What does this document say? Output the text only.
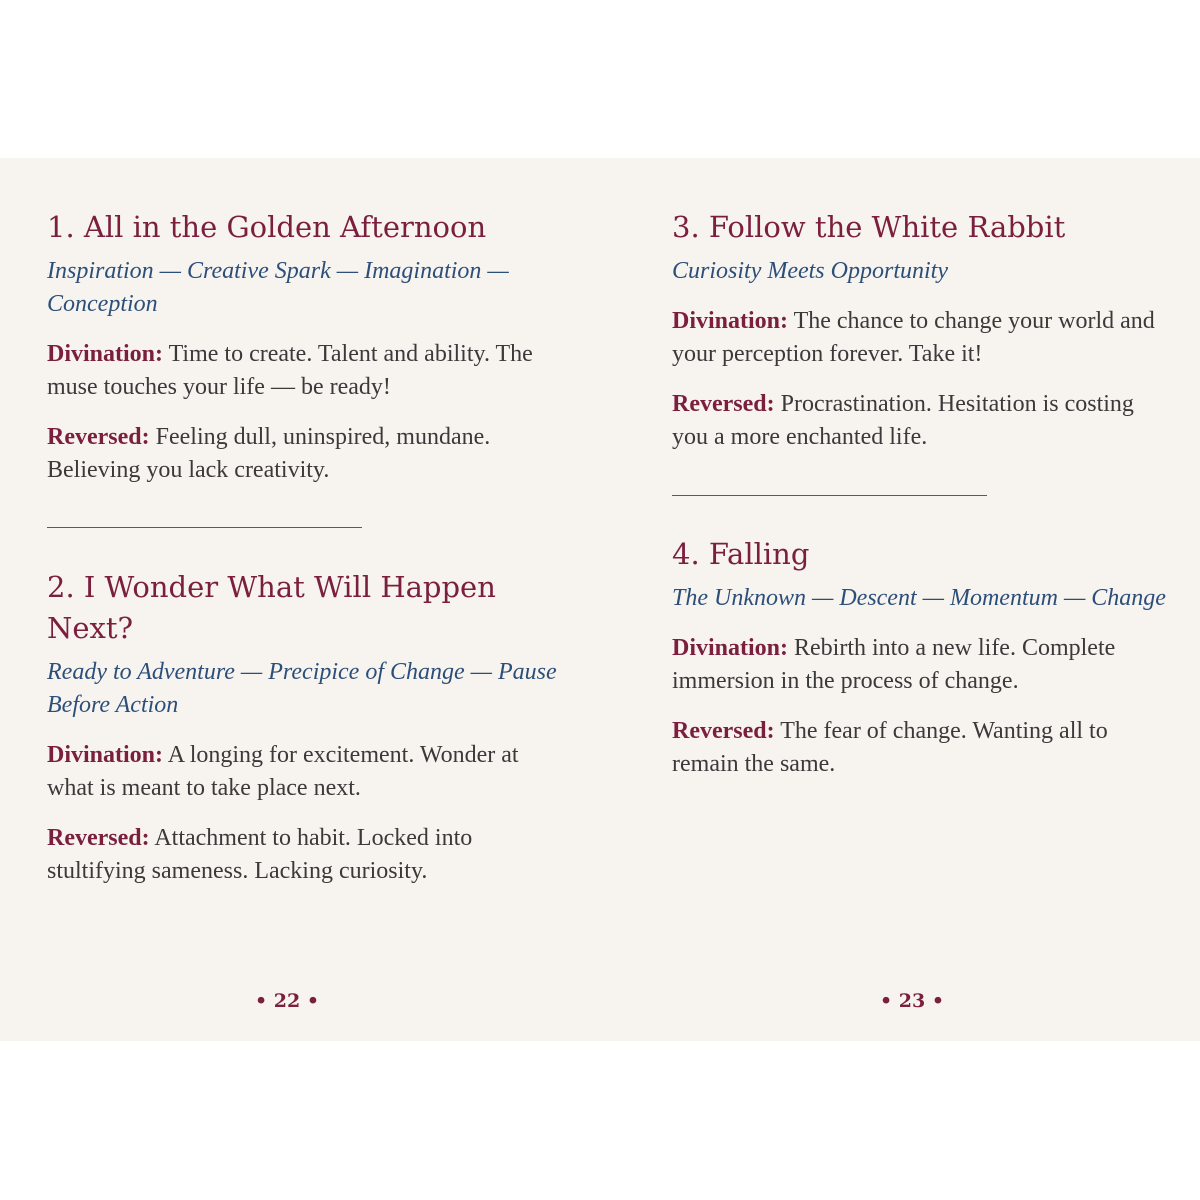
1. All in the Golden Afternoon

Inspiration — Creative Spark — Imagination — Conception

Divination: Time to create. Talent and ability. The muse touches your life — be ready!

Reversed: Feeling dull, uninspired, mundane. Believing you lack creativity.

2. I Wonder What Will Happen Next?

Ready to Adventure — Precipice of Change — Pause Before Action

Divination: A longing for excitement. Wonder at what is meant to take place next.

Reversed: Attachment to habit. Locked into stultifying sameness. Lacking curiosity.

• 22 •
3. Follow the White Rabbit

Curiosity Meets Opportunity

Divination: The chance to change your world and your perception forever. Take it!

Reversed: Procrastination. Hesitation is costing you a more enchanted life.

4. Falling

The Unknown — Descent — Momentum — Change

Divination: Rebirth into a new life. Complete immersion in the process of change.

Reversed: The fear of change. Wanting all to remain the same.

• 23 •
